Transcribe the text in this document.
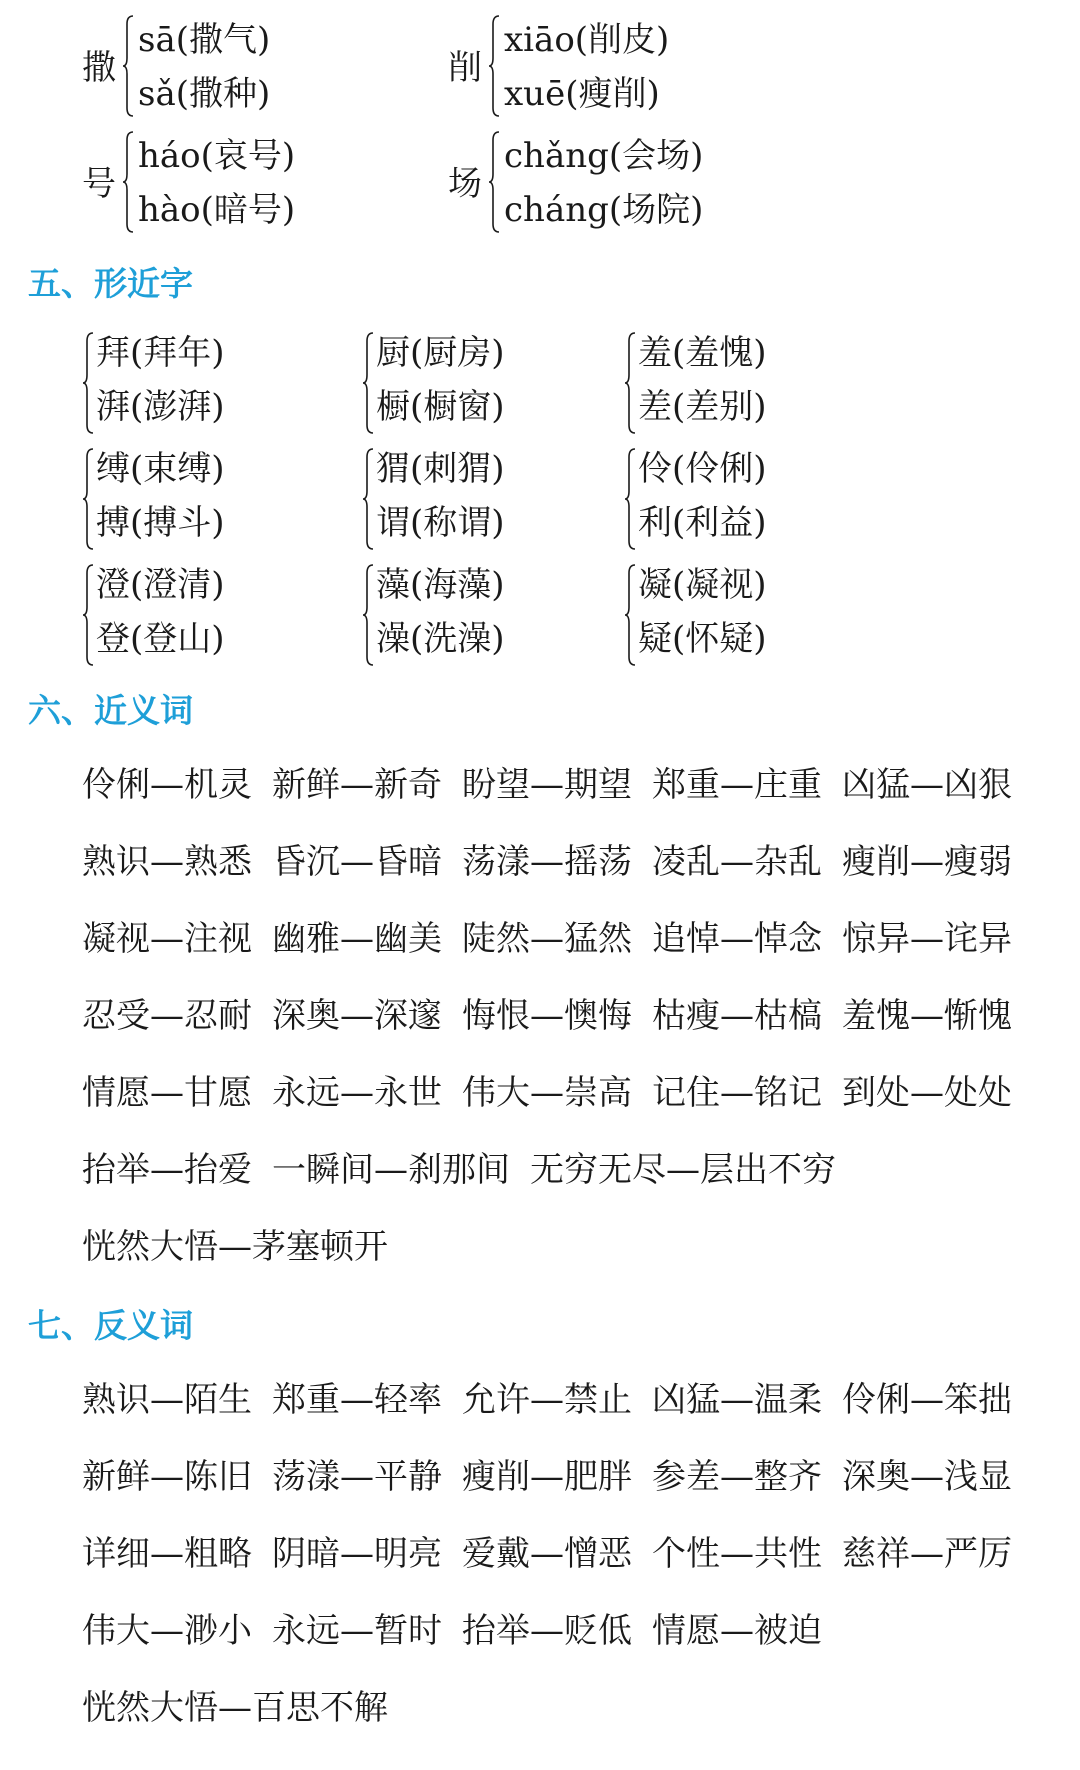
撒
sā(撒气)
sǎ(撒种)
削
xiāo(削皮)
xuē(瘦削)
号
háo(哀号)
hào(暗号)
场
chǎng(会场)
cháng(场院)
五、形近字
拜(拜年)
湃(澎湃)
厨(厨房)
橱(橱窗)
羞(羞愧)
差(差别)
缚(束缚)
搏(搏斗)
猬(刺猬)
谓(称谓)
伶(伶俐)
利(利益)
澄(澄清)
登(登山)
藻(海藻)
澡(洗澡)
凝(凝视)
疑(怀疑)
六、近义词
伶俐—机灵 新鲜—新奇 盼望—期望 郑重—庄重 凶猛—凶狠
熟识—熟悉 昏沉—昏暗 荡漾—摇荡 凌乱—杂乱 瘦削—瘦弱
凝视—注视 幽雅—幽美 陡然—猛然 追悼—悼念 惊异—诧异
忍受—忍耐 深奥—深邃 悔恨—懊悔 枯瘦—枯槁 羞愧—惭愧
情愿—甘愿 永远—永世 伟大—崇高 记住—铭记 到处—处处
抬举—抬爱 一瞬间—刹那间 无穷无尽—层出不穷
恍然大悟—茅塞顿开
七、反义词
熟识—陌生 郑重—轻率 允许—禁止 凶猛—温柔 伶俐—笨拙
新鲜—陈旧 荡漾—平静 瘦削—肥胖 参差—整齐 深奥—浅显
详细—粗略 阴暗—明亮 爱戴—憎恶 个性—共性 慈祥—严厉
伟大—渺小 永远—暂时 抬举—贬低 情愿—被迫
恍然大悟—百思不解
